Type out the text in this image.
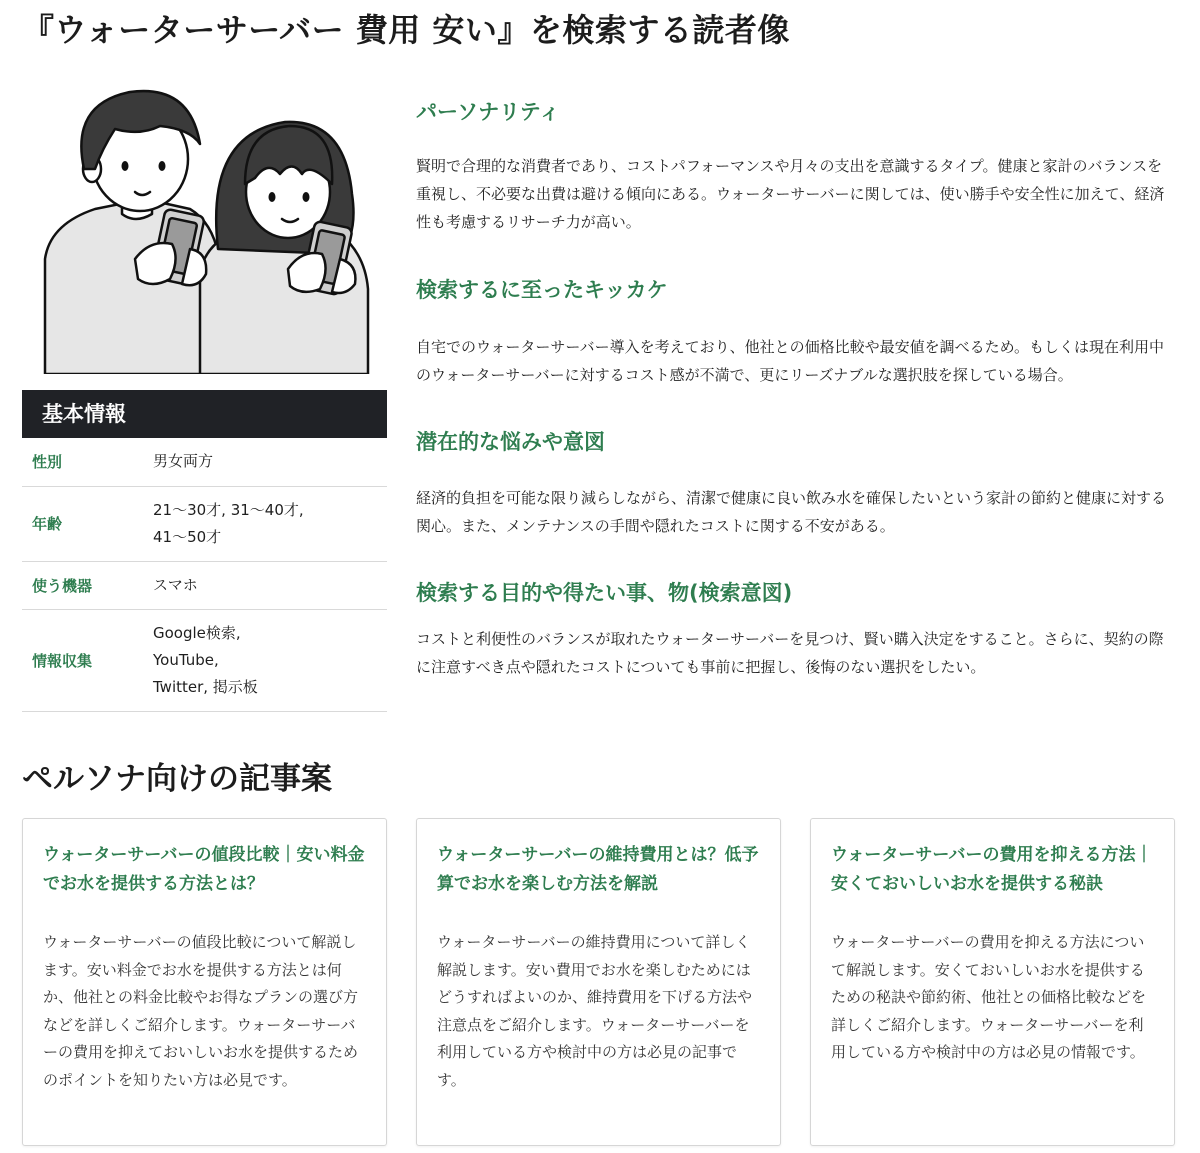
『ウォーターサーバー 費用 安い』を検索する読者像
基本情報
性別	男女両方
年齢	21〜30才, 31〜40才,
41〜50才
使う機器	スマホ
情報収集	Google検索,
YouTube,
Twitter, 掲示板
パーソナリティ

賢明で合理的な消費者であり、コストパフォーマンスや月々の支出を意識するタイプ。健康と家計のバランスを重視し、不必要な出費は避ける傾向にある。ウォーターサーバーに関しては、使い勝手や安全性に加えて、経済性も考慮するリサーチ力が高い。

検索するに至ったキッカケ

自宅でのウォーターサーバー導入を考えており、他社との価格比較や最安値を調べるため。もしくは現在利用中のウォーターサーバーに対するコスト感が不満で、更にリーズナブルな選択肢を探している場合。

潜在的な悩みや意図

経済的負担を可能な限り減らしながら、清潔で健康に良い飲み水を確保したいという家計の節約と健康に対する関心。また、メンテナンスの手間や隠れたコストに関する不安がある。

検索する目的や得たい事、物(検索意図)

コストと利便性のバランスが取れたウォーターサーバーを見つけ、賢い購入決定をすること。さらに、契約の際に注意すべき点や隠れたコストについても事前に把握し、後悔のない選択をしたい。

ペルソナ向けの記事案
ウォーターサーバーの値段比較｜安い料金でお水を提供する方法とは？

ウォーターサーバーの値段比較について解説します。安い料金でお水を提供する方法とは何か、他社との料金比較やお得なプランの選び方などを詳しくご紹介します。ウォーターサーバーの費用を抑えておいしいお水を提供するためのポイントを知りたい方は必見です。

ウォーターサーバーの維持費用とは？低予算でお水を楽しむ方法を解説

ウォーターサーバーの維持費用について詳しく解説します。安い費用でお水を楽しむためにはどうすればよいのか、維持費用を下げる方法や注意点をご紹介します。ウォーターサーバーを利用している方や検討中の方は必見の記事です。

ウォーターサーバーの費用を抑える方法｜安くておいしいお水を提供する秘訣

ウォーターサーバーの費用を抑える方法について解説します。安くておいしいお水を提供するための秘訣や節約術、他社との価格比較などを詳しくご紹介します。ウォーターサーバーを利用している方や検討中の方は必見の情報です。
